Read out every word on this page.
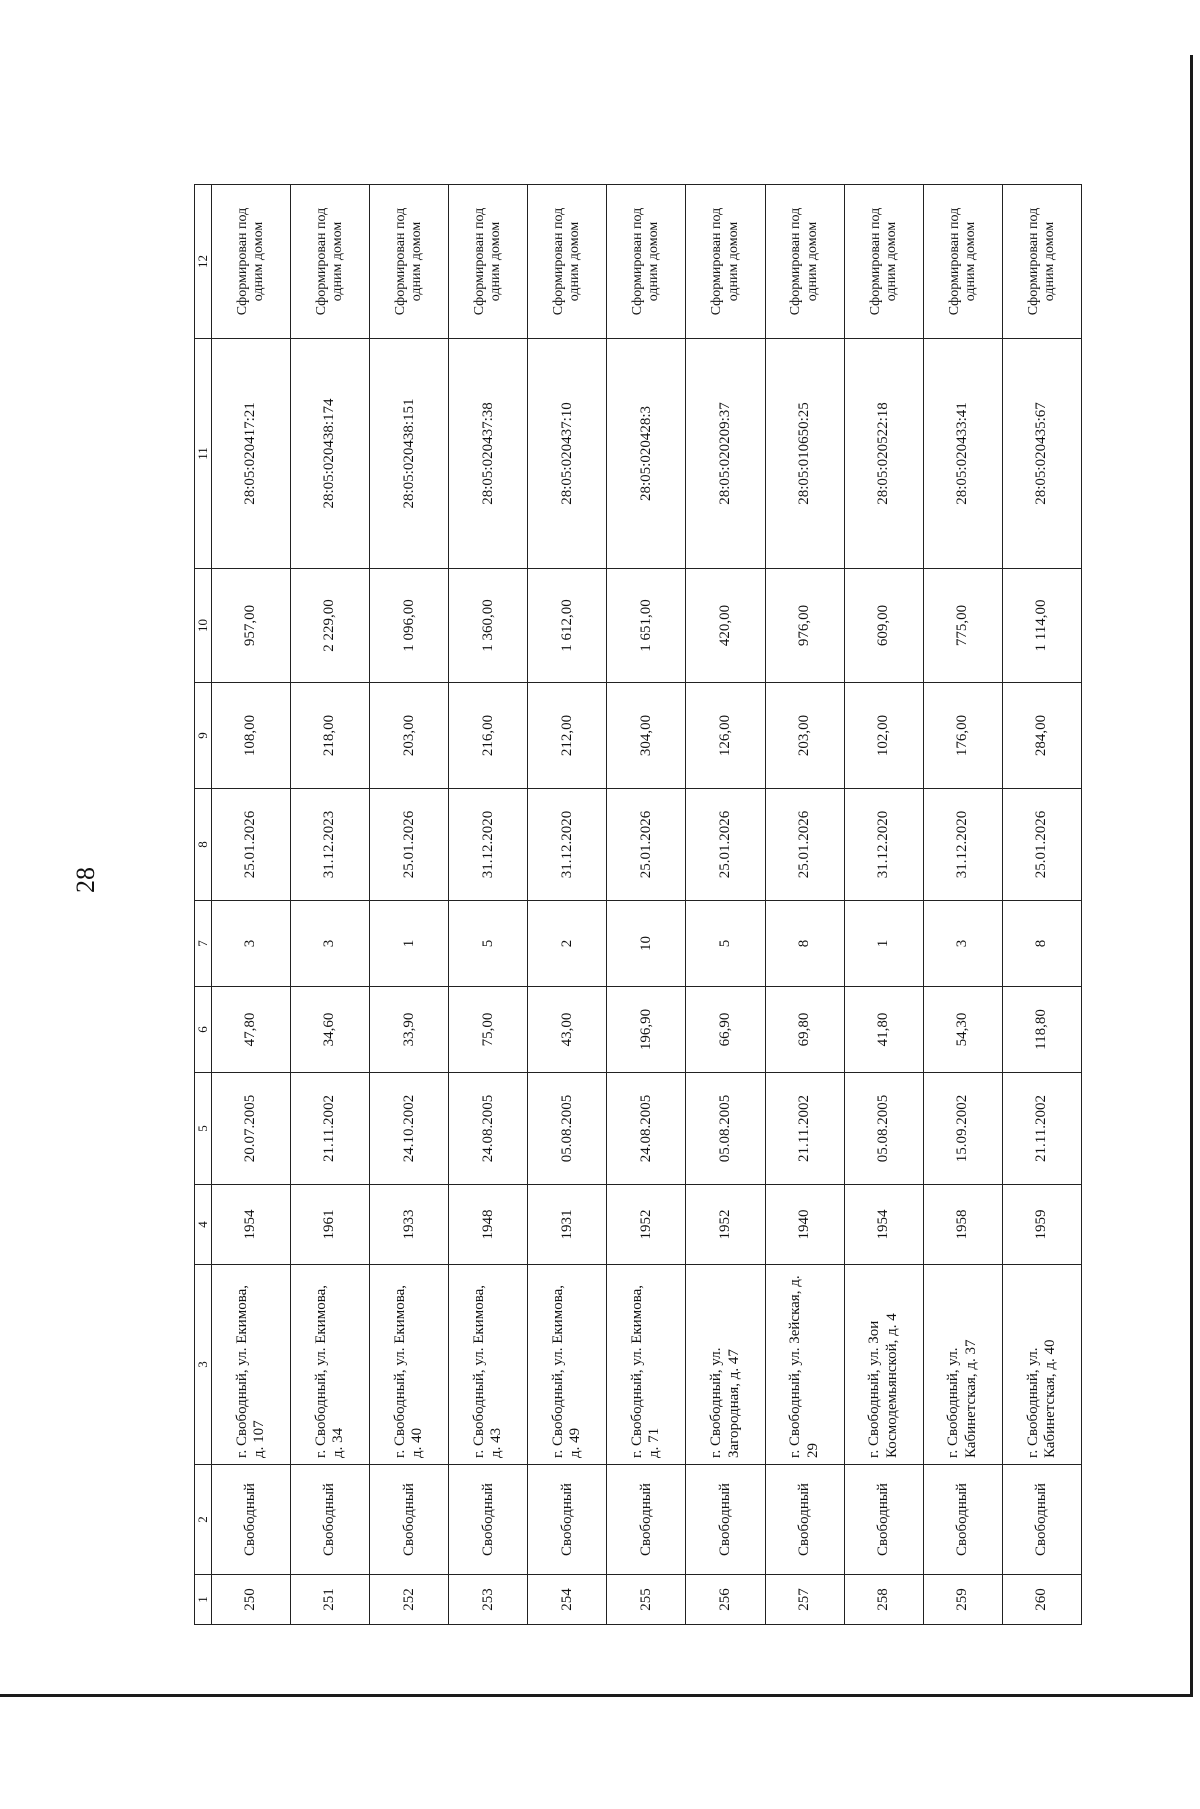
28
1	2	3	4	5	6	7	8	9	10	11	12
250	Свободный	г. Свободный, ул. Екимова, д. 107	1954	20.07.2005	47,80	3	25.01.2026	108,00	957,00	28:05:020417:21	Сформирован под одним домом
251	Свободный	г. Свободный, ул. Екимова, д. 34	1961	21.11.2002	34,60	3	31.12.2023	218,00	2 229,00	28:05:020438:174	Сформирован под одним домом
252	Свободный	г. Свободный, ул. Екимова, д. 40	1933	24.10.2002	33,90	1	25.01.2026	203,00	1 096,00	28:05:020438:151	Сформирован под одним домом
253	Свободный	г. Свободный, ул. Екимова, д. 43	1948	24.08.2005	75,00	5	31.12.2020	216,00	1 360,00	28:05:020437:38	Сформирован под одним домом
254	Свободный	г. Свободный, ул. Екимова, д. 49	1931	05.08.2005	43,00	2	31.12.2020	212,00	1 612,00	28:05:020437:10	Сформирован под одним домом
255	Свободный	г. Свободный, ул. Екимова, д. 71	1952	24.08.2005	196,90	10	25.01.2026	304,00	1 651,00	28:05:020428:3	Сформирован под одним домом
256	Свободный	г. Свободный, ул. Загородная, д. 47	1952	05.08.2005	66,90	5	25.01.2026	126,00	420,00	28:05:020209:37	Сформирован под одним домом
257	Свободный	г. Свободный, ул. Зейская, д. 29	1940	21.11.2002	69,80	8	25.01.2026	203,00	976,00	28:05:010650:25	Сформирован под одним домом
258	Свободный	г. Свободный, ул. Зои Космодемьянской, д. 4	1954	05.08.2005	41,80	1	31.12.2020	102,00	609,00	28:05:020522:18	Сформирован под одним домом
259	Свободный	г. Свободный, ул. Кабинетская, д. 37	1958	15.09.2002	54,30	3	31.12.2020	176,00	775,00	28:05:020433:41	Сформирован под одним домом
260	Свободный	г. Свободный, ул. Кабинетская, д. 40	1959	21.11.2002	118,80	8	25.01.2026	284,00	1 114,00	28:05:020435:67	Сформирован под одним домом
